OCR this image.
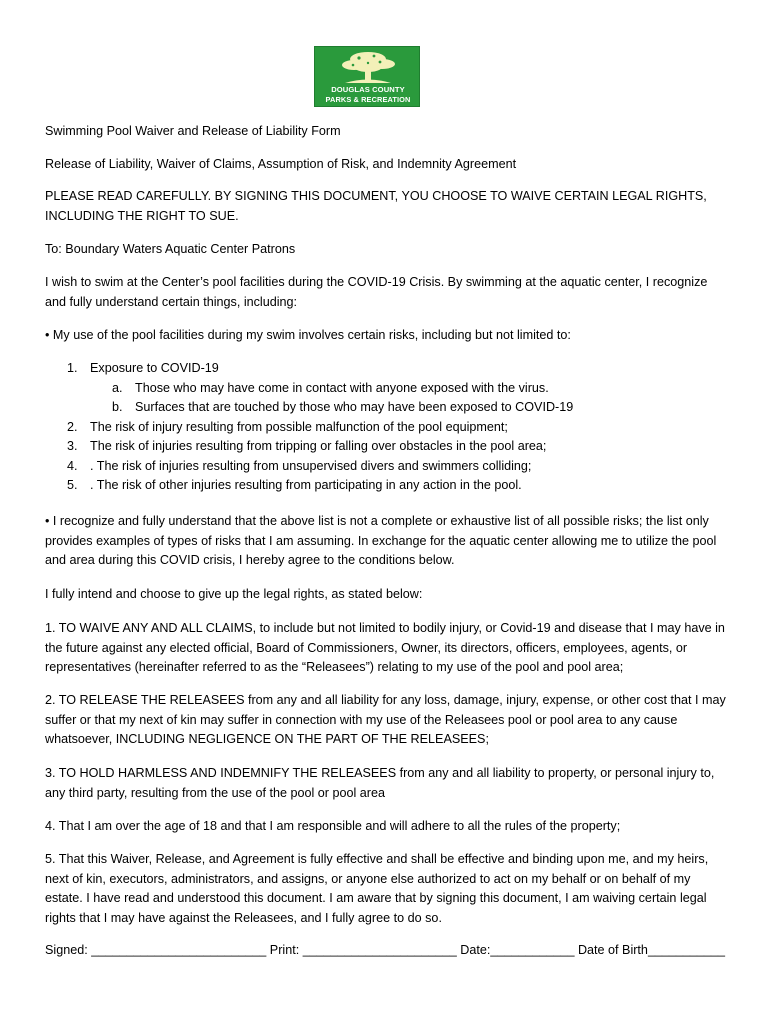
DOUGLAS COUNTY
PARKS & RECREATION

Swimming Pool Waiver and Release of Liability Form

Release of Liability, Waiver of Claims, Assumption of Risk, and Indemnity Agreement

PLEASE READ CAREFULLY. BY SIGNING THIS DOCUMENT, YOU CHOOSE TO WAIVE CERTAIN LEGAL RIGHTS, INCLUDING THE RIGHT TO SUE.

To: Boundary Waters Aquatic Center Patrons

I wish to swim at the Center’s pool facilities during the COVID-19 Crisis. By swimming at the aquatic center, I recognize and fully understand certain things, including:

• My use of the pool facilities during my swim involves certain risks, including but not limited to:

1. Exposure to COVID-19
a. Those who may have come in contact with anyone exposed with the virus.
b. Surfaces that are touched by those who may have been exposed to COVID-19
2. The risk of injury resulting from possible malfunction of the pool equipment;
3. The risk of injuries resulting from tripping or falling over obstacles in the pool area;
4. . The risk of injuries resulting from unsupervised divers and swimmers colliding;
5. . The risk of other injuries resulting from participating in any action in the pool.

• I recognize and fully understand that the above list is not a complete or exhaustive list of all possible risks; the list only provides examples of types of risks that I am assuming. In exchange for the aquatic center allowing me to utilize the pool and area during this COVID crisis, I hereby agree to the conditions below.

I fully intend and choose to give up the legal rights, as stated below:

1. TO WAIVE ANY AND ALL CLAIMS, to include but not limited to bodily injury, or Covid-19 and disease that I may have in the future against any elected official, Board of Commissioners, Owner, its directors, officers, employees, agents, or representatives (hereinafter referred to as the “Releasees”) relating to my use of the pool and pool area;

2. TO RELEASE THE RELEASEES from any and all liability for any loss, damage, injury, expense, or other cost that I may suffer or that my next of kin may suffer in connection with my use of the Releasees pool or pool area to any cause whatsoever, INCLUDING NEGLIGENCE ON THE PART OF THE RELEASEES;

3. TO HOLD HARMLESS AND INDEMNIFY THE RELEASEES from any and all liability to property, or personal injury to, any third party, resulting from the use of the pool or pool area

4. That I am over the age of 18 and that I am responsible and will adhere to all the rules of the property;

5. That this Waiver, Release, and Agreement is fully effective and shall be effective and binding upon me, and my heirs, next of kin, executors, administrators, and assigns, or anyone else authorized to act on my behalf or on behalf of my estate. I have read and understood this document. I am aware that by signing this document, I am waiving certain legal rights that I may have against the Releasees, and I fully agree to do so.

Signed: _________________________ Print: ______________________ Date:____________ Date of Birth___________
